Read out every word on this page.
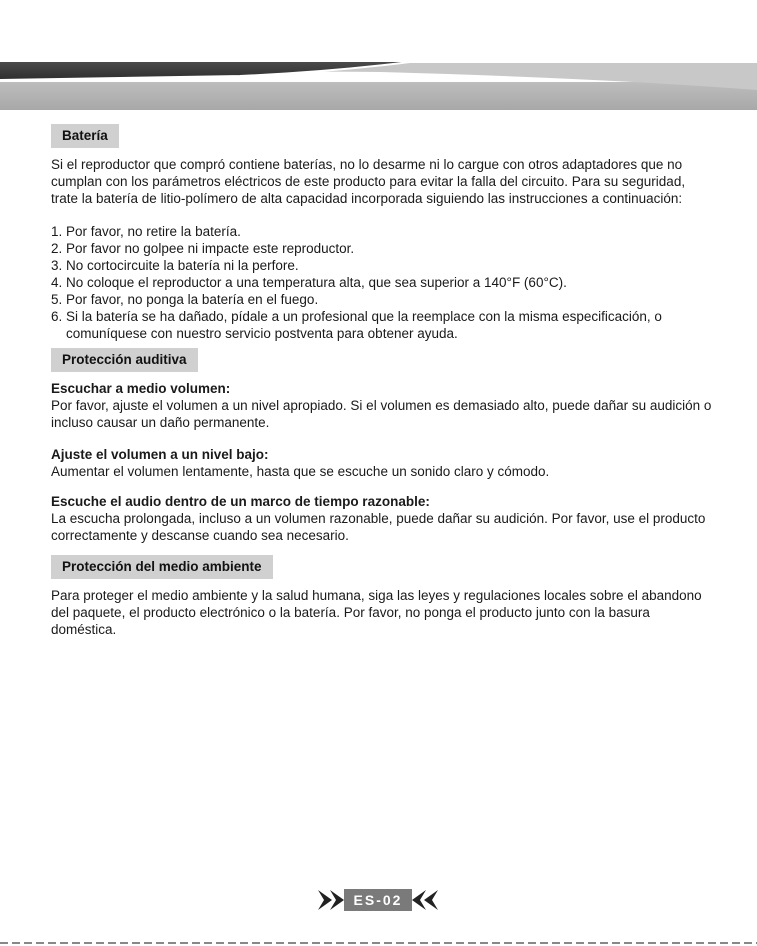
Batería

Si el reproductor que compró contiene baterías, no lo desarme ni lo cargue con otros adaptadores que no cumplan con los parámetros eléctricos de este producto para evitar la falla del circuito. Para su seguridad, trate la batería de litio-polímero de alta capacidad incorporada siguiendo las instrucciones a continuación:

1. Por favor, no retire la batería.
2. Por favor no golpee ni impacte este reproductor.
3. No cortocircuite la batería ni la perfore.
4. No coloque el reproductor a una temperatura alta, que sea superior a 140°F (60°C).
5. Por favor, no ponga la batería en el fuego.
6. Si la batería se ha dañado, pídale a un profesional que la reemplace con la misma especificación, o comuníquese con nuestro servicio postventa para obtener ayuda.
Protección auditiva
Escuchar a medio volumen:

Por favor, ajuste el volumen a un nivel apropiado. Si el volumen es demasiado alto, puede dañar su audición o incluso causar un daño permanente.

Ajuste el volumen a un nivel bajo:

Aumentar el volumen lentamente, hasta que se escuche un sonido claro y cómodo.

Escuche el audio dentro de un marco de tiempo razonable:

La escucha prolongada, incluso a un volumen razonable, puede dañar su audición. Por favor, use el producto correctamente y descanse cuando sea necesario.

Protección del medio ambiente

Para proteger el medio ambiente y la salud humana, siga las leyes y regulaciones locales sobre el abandono del paquete, el producto electrónico o la batería. Por favor, no ponga el producto junto con la basura doméstica.

ES-02
